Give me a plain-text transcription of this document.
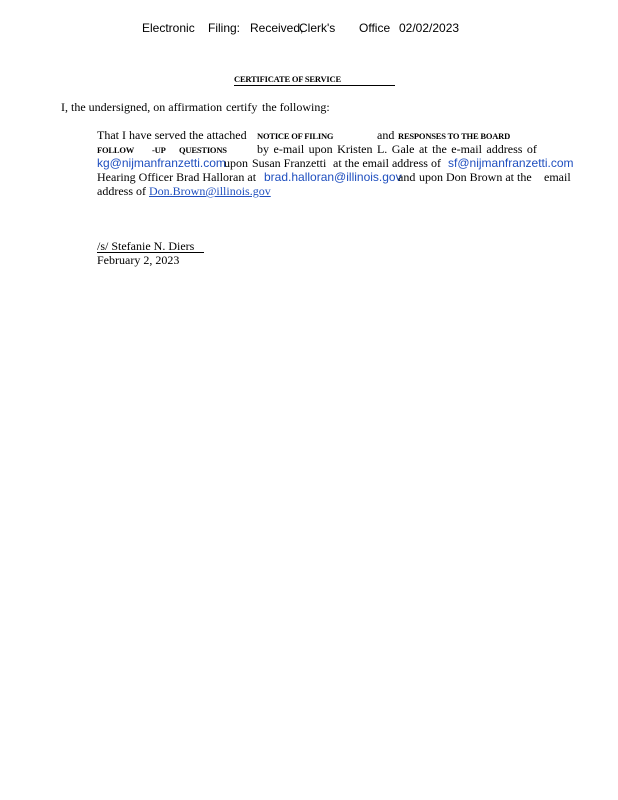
Electronic Filing: Received,
Clerk's Office 02/02/2023
CERTIFICATE OF SERVICE
I, the undersigned, on affirmation certify the following:
That I have served the attached NOTICE OF FILING	and RESPONSES TO THE BOARD
FOLLOW -UP QUESTIONS	by e-mail upon Kristen L. Gale at the e-mail address of
kg@nijmanfranzetti.com
upon Susan Franzetti at the email address of sf@nijmanfranzetti.com
Hearing Officer Brad Halloran at brad.halloran@illinois.gov
and upon Don Brown at the email
address of Don.Brown@illinois.gov
/s/ Stefanie N. Diers
February 2, 2023
